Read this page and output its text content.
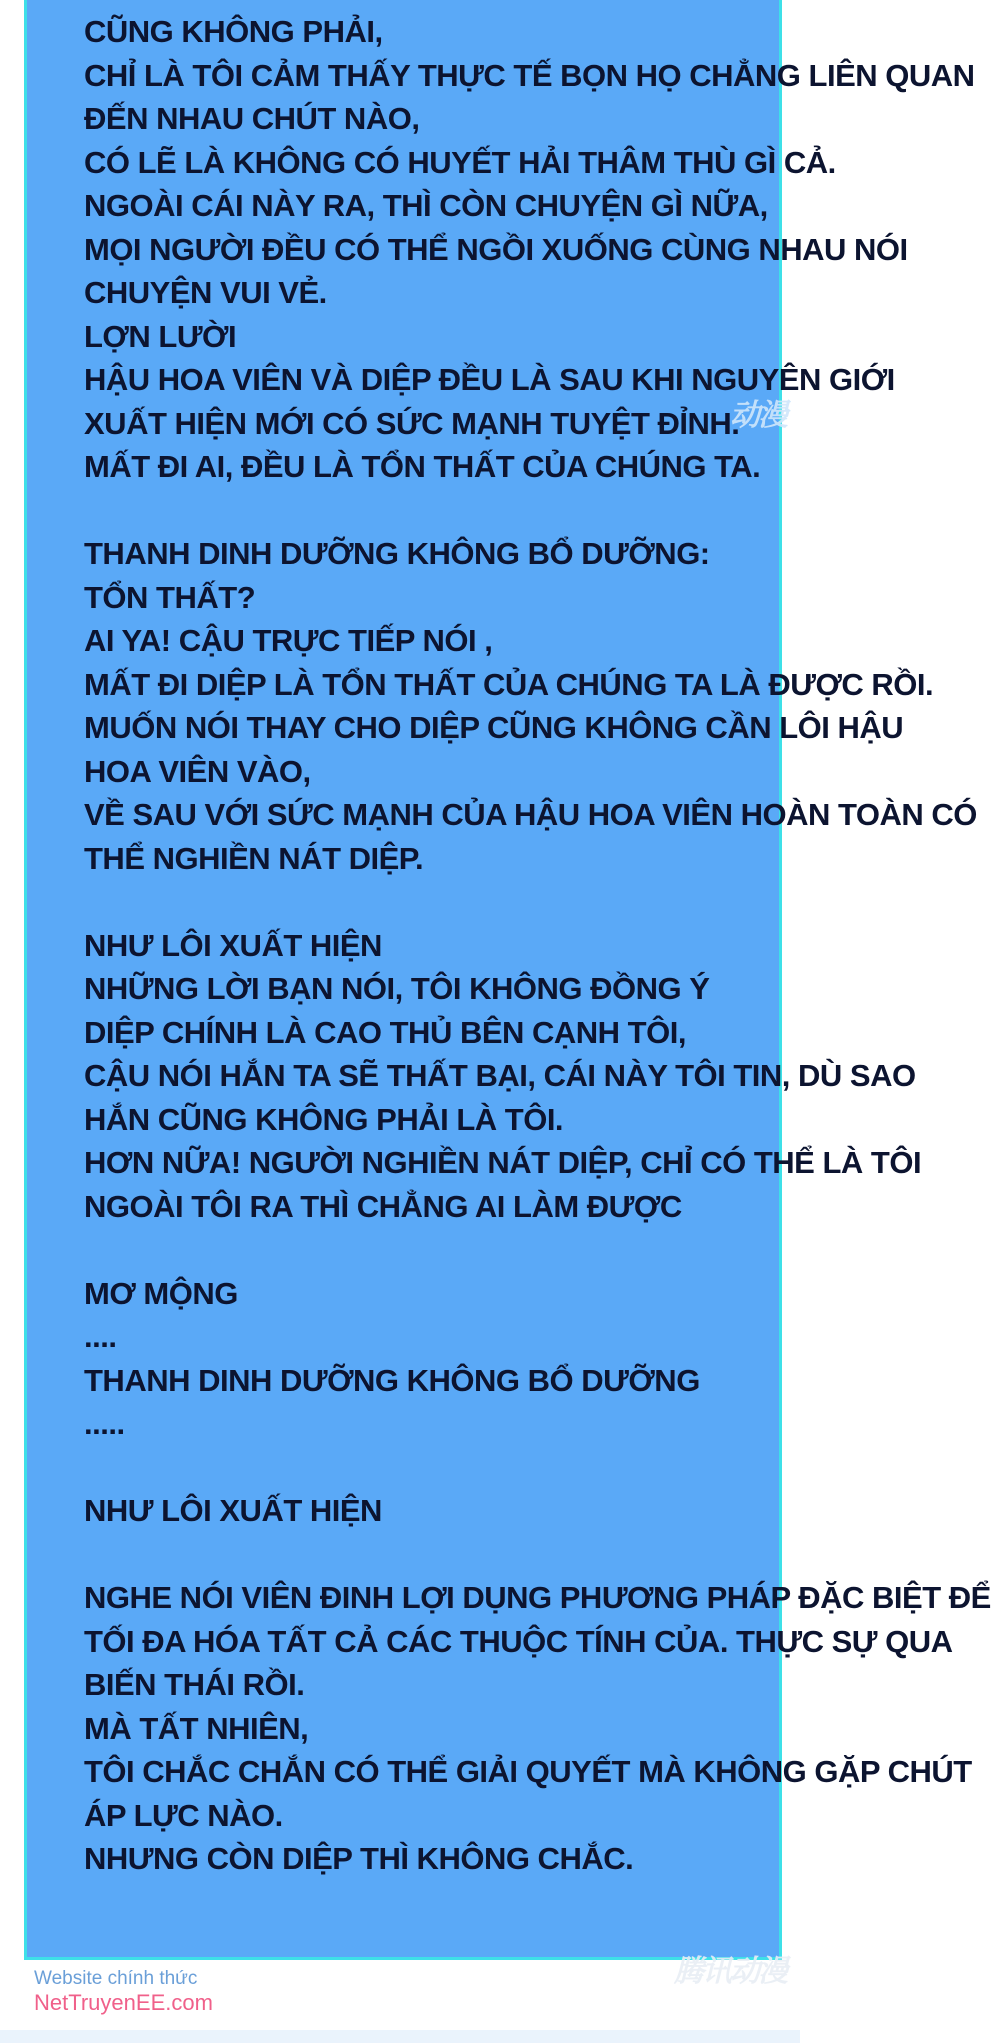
CŨNG KHÔNG PHẢI,
CHỈ LÀ TÔI CẢM THẤY THỰC TẾ BỌN HỌ CHẲNG LIÊN QUAN
ĐẾN NHAU CHÚT NÀO,
CÓ LẼ LÀ KHÔNG CÓ HUYẾT HẢI THÂM THÙ GÌ CẢ.
NGOÀI CÁI NÀY RA, THÌ CÒN CHUYỆN GÌ NỮA,
MỌI NGƯỜI ĐỀU CÓ THỂ NGỒI XUỐNG CÙNG NHAU NÓI
CHUYỆN VUI VẺ.
LỢN LƯỜI
HẬU HOA VIÊN VÀ DIỆP ĐỀU LÀ SAU KHI NGUYÊN GIỚI
XUẤT HIỆN MỚI CÓ SỨC MẠNH TUYỆT ĐỈNH.
MẤT ĐI AI, ĐỀU LÀ TỔN THẤT CỦA CHÚNG TA.
THANH DINH DƯỠNG KHÔNG BỔ DƯỠNG:
TỔN THẤT?
AI YA! CẬU TRỰC TIẾP NÓI ,
MẤT ĐI DIỆP LÀ TỔN THẤT CỦA CHÚNG TA LÀ ĐƯỢC RỒI.
MUỐN NÓI THAY CHO DIỆP CŨNG KHÔNG CẦN LÔI HẬU
HOA VIÊN VÀO,
VỀ SAU VỚI SỨC MẠNH CỦA HẬU HOA VIÊN HOÀN TOÀN CÓ
THỂ NGHIỀN NÁT DIỆP.
NHƯ LÔI XUẤT HIỆN
NHỮNG LỜI BẠN NÓI, TÔI KHÔNG ĐỒNG Ý
DIỆP CHÍNH LÀ CAO THỦ BÊN CẠNH TÔI,
CẬU NÓI HẮN TA SẼ THẤT BẠI, CÁI NÀY TÔI TIN, DÙ SAO
HẮN CŨNG KHÔNG PHẢI LÀ TÔI.
HƠN NỮA! NGƯỜI NGHIỀN NÁT DIỆP, CHỈ CÓ THỂ LÀ TÔI
NGOÀI TÔI RA THÌ CHẲNG AI LÀM ĐƯỢC
MƠ MỘNG
....
THANH DINH DƯỠNG KHÔNG BỔ DƯỠNG
.....
NHƯ LÔI XUẤT HIỆN
NGHE NÓI VIÊN ĐINH LỢI DỤNG PHƯƠNG PHÁP ĐẶC BIỆT ĐỂ
TỐI ĐA HÓA TẤT CẢ CÁC THUỘC TÍNH CỦA. THỰC SỰ QUA
BIẾN THÁI RỒI.
MÀ TẤT NHIÊN,
TÔI CHẮC CHẮN CÓ THỂ GIẢI QUYẾT MÀ KHÔNG GẶP CHÚT
ÁP LỰC NÀO.
NHƯNG CÒN DIỆP THÌ KHÔNG CHẮC.
动漫
腾讯动漫
Website chính thức
NetTruyenEE.com
